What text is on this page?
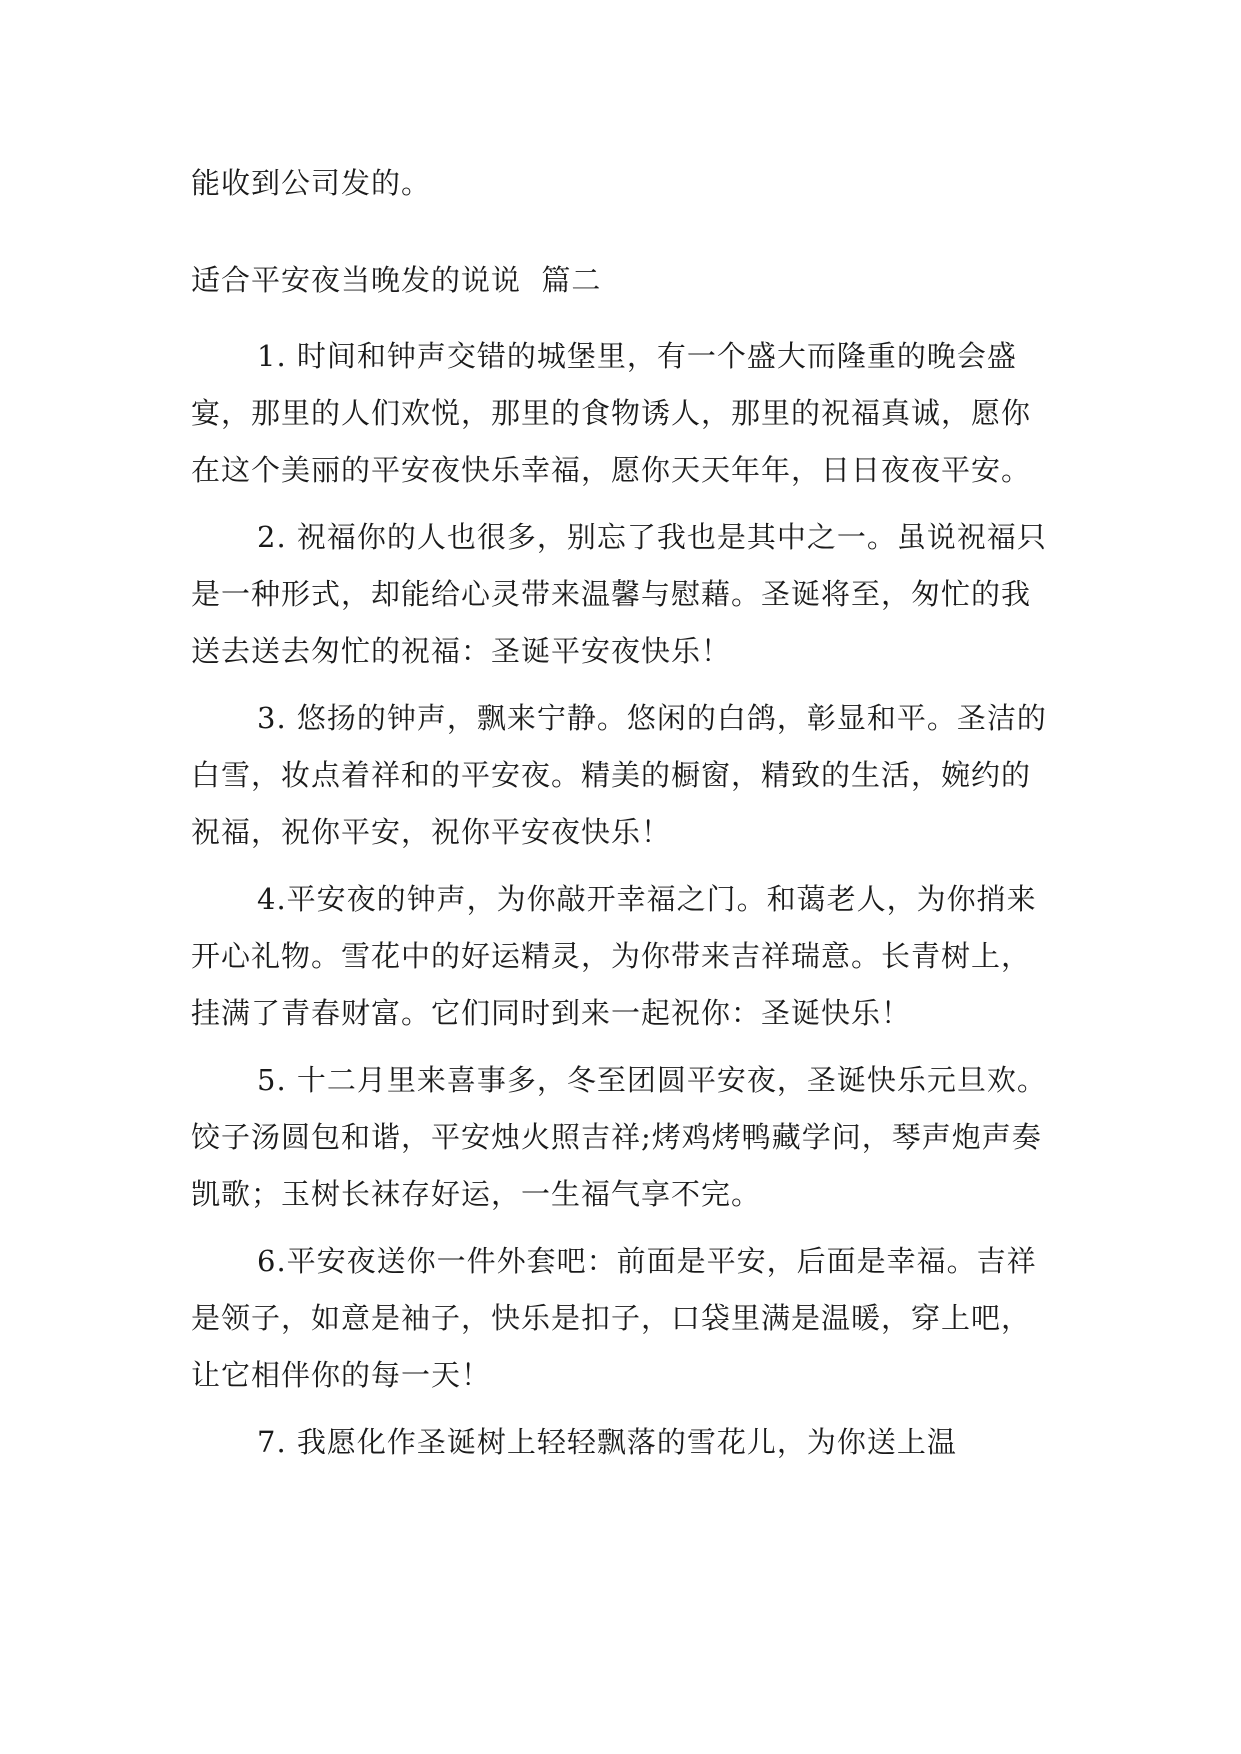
能收到公司发的。

适合平安夜当晚发的说说  篇二

1. 时间和钟声交错的城堡里，有一个盛大而隆重的晚会盛宴，那里的人们欢悦，那里的食物诱人，那里的祝福真诚，愿你在这个美丽的平安夜快乐幸福，愿你天天年年，日日夜夜平安。

2. 祝福你的人也很多，别忘了我也是其中之一。虽说祝福只是一种形式，却能给心灵带来温馨与慰藉。圣诞将至，匆忙的我送去送去匆忙的祝福：圣诞平安夜快乐！

3. 悠扬的钟声，飘来宁静。悠闲的白鸽，彰显和平。圣洁的白雪，妆点着祥和的平安夜。精美的橱窗，精致的生活，婉约的祝福，祝你平安，祝你平安夜快乐！

4.平安夜的钟声，为你敲开幸福之门。和蔼老人，为你捎来开心礼物。雪花中的好运精灵，为你带来吉祥瑞意。长青树上，挂满了青春财富。它们同时到来一起祝你：圣诞快乐！

5. 十二月里来喜事多，冬至团圆平安夜，圣诞快乐元旦欢。饺子汤圆包和谐，平安烛火照吉祥;烤鸡烤鸭藏学问，琴声炮声奏凯歌；玉树长袜存好运，一生福气享不完。

6.平安夜送你一件外套吧：前面是平安，后面是幸福。吉祥是领子，如意是袖子，快乐是扣子，口袋里满是温暖，穿上吧，让它相伴你的每一天！

7. 我愿化作圣诞树上轻轻飘落的雪花儿，为你送上温
